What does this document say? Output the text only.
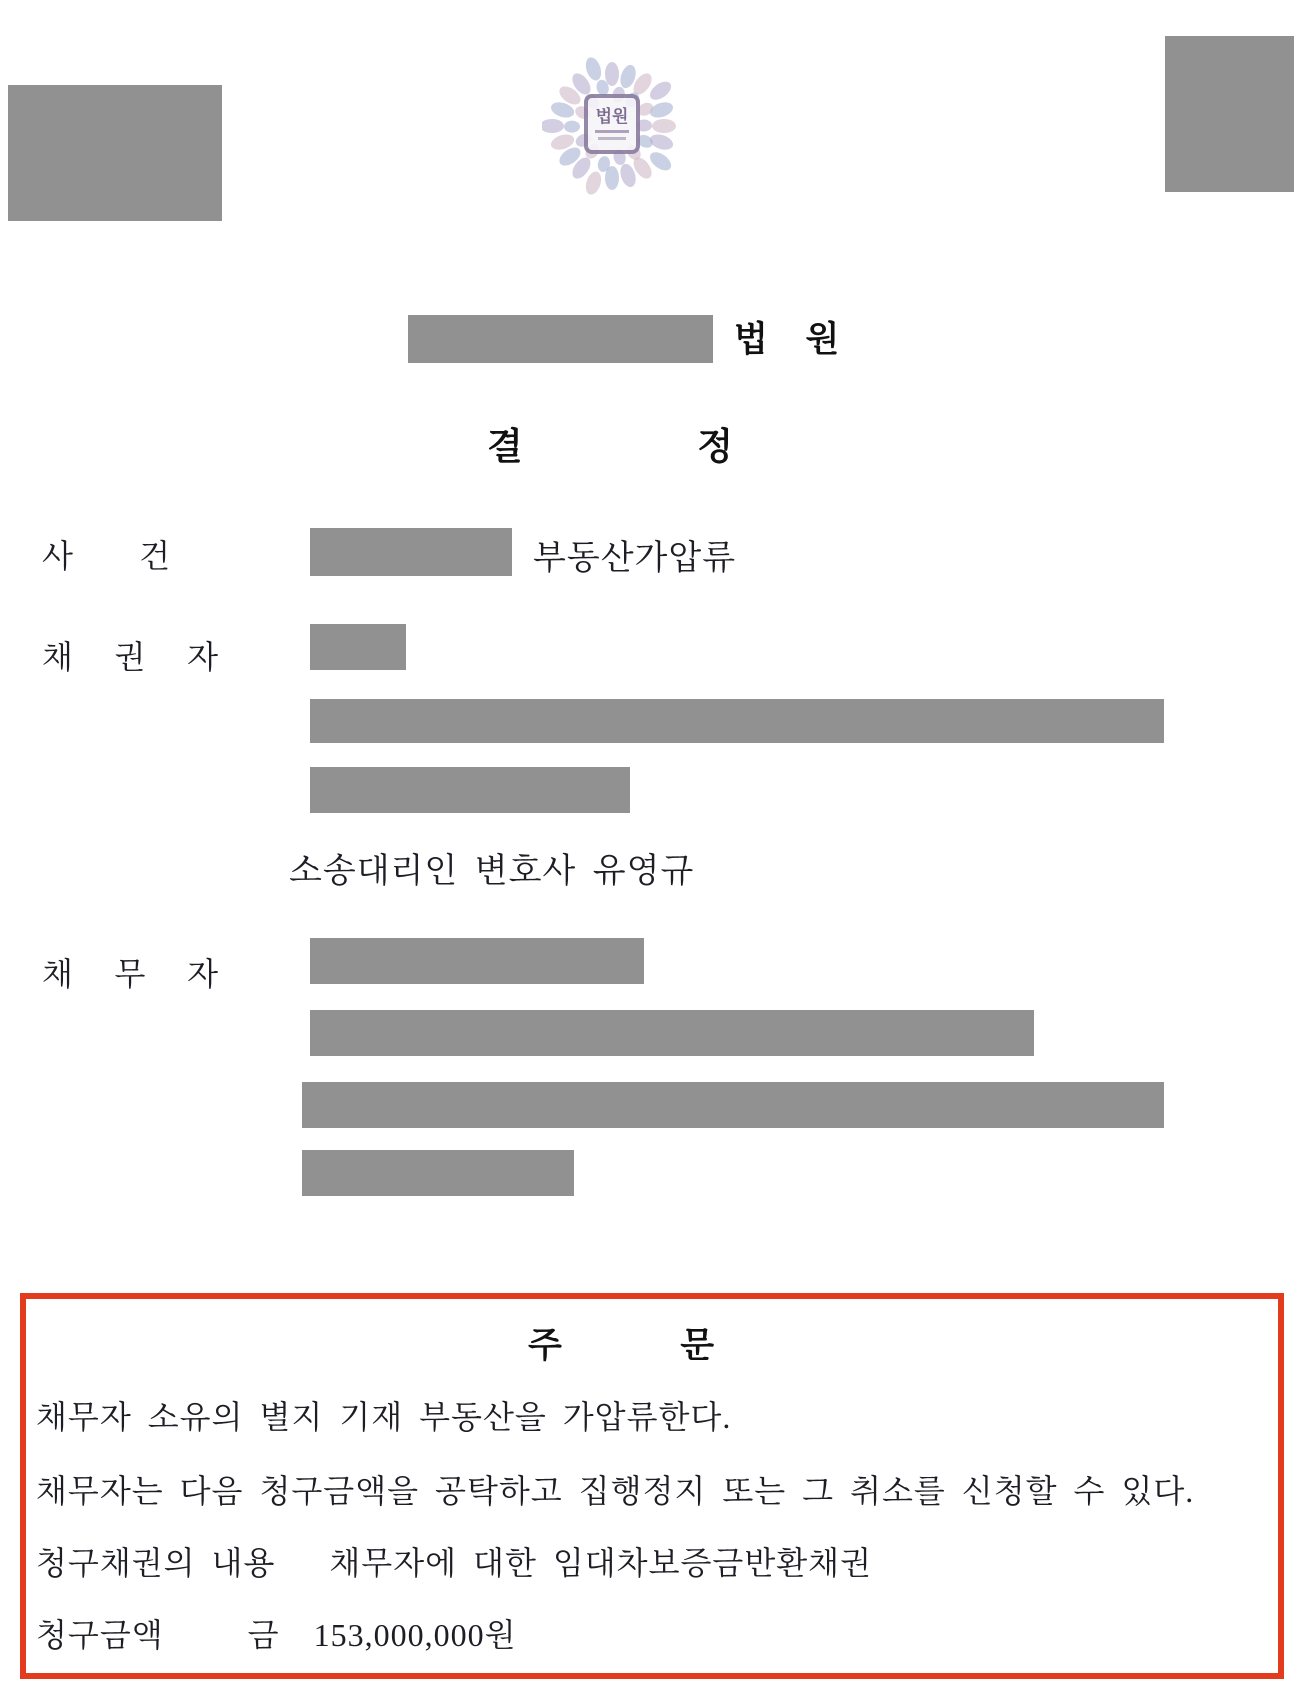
법원
법 원
결	정
사 건	부동산가압류
채 권 자
소송대리인 변호사 유영규
채 무 자
주	문
채무자 소유의 별지 기재 부동산을 가압류한다.
채무자는 다음 청구금액을 공탁하고 집행정지 또는 그 취소를 신청할 수 있다.
청구채권의 내용 채무자에 대한 임대차보증금반환채권
청구금액	금 153,000,000원
